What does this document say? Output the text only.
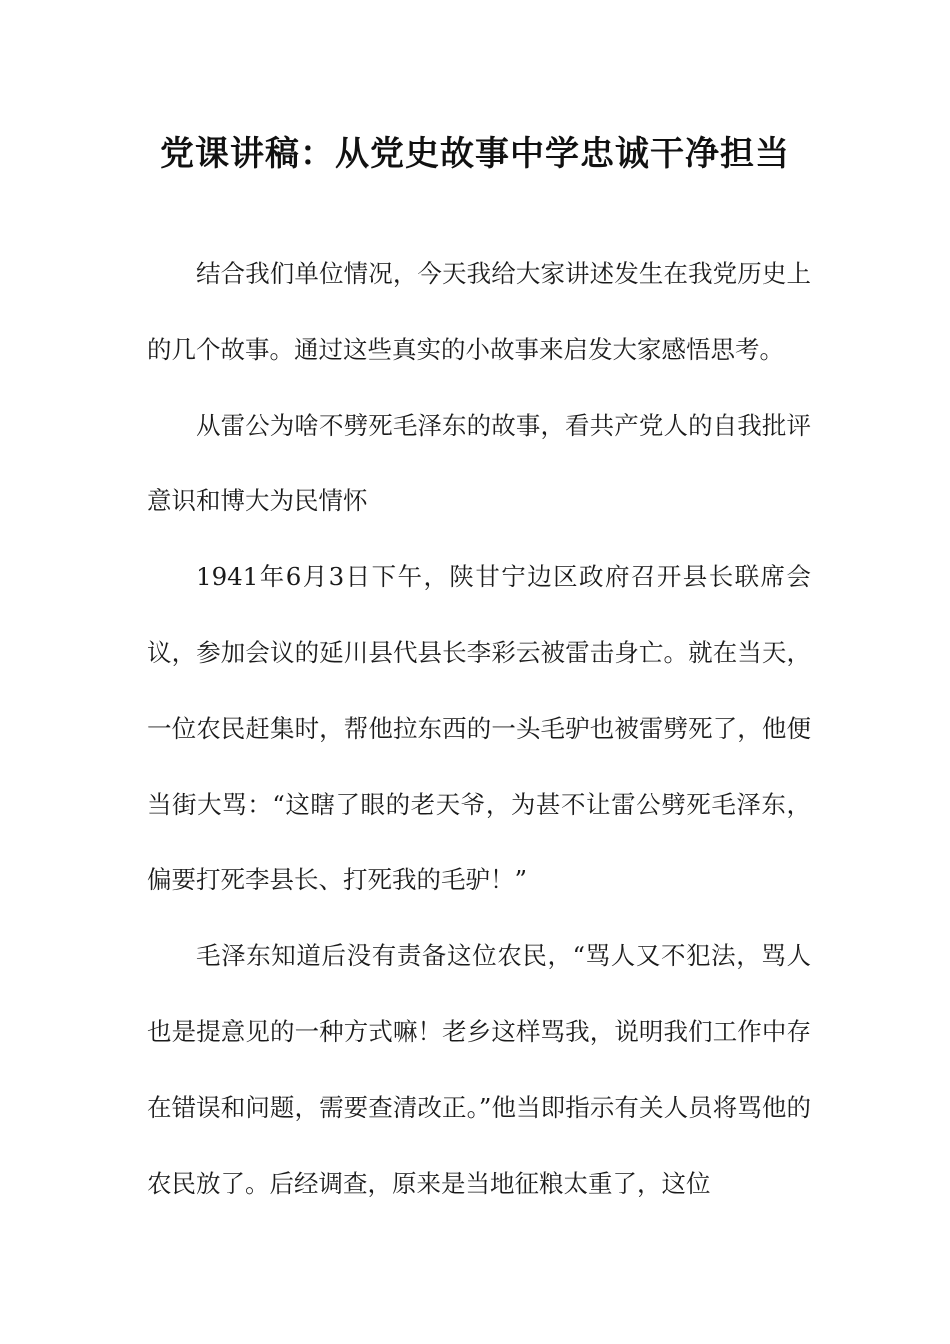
党课讲稿：从党史故事中学忠诚干净担当

结合我们单位情况，今天我给大家讲述发生在我党历史上的几个故事。通过这些真实的小故事来启发大家感悟思考。

从雷公为啥不劈死毛泽东的故事，看共产党人的自我批评意识和博大为民情怀

1941年6月3日下午，陕甘宁边区政府召开县长联席会议，参加会议的延川县代县长李彩云被雷击身亡。就在当天，一位农民赶集时，帮他拉东西的一头毛驴也被雷劈死了，他便当街大骂：“这瞎了眼的老天爷，为甚不让雷公劈死毛泽东，偏要打死李县长、打死我的毛驴！”

毛泽东知道后没有责备这位农民，“骂人又不犯法，骂人也是提意见的一种方式嘛！老乡这样骂我，说明我们工作中存在错误和问题，需要查清改正。”他当即指示有关人员将骂他的农民放了。后经调查，原来是当地征粮太重了，这位
